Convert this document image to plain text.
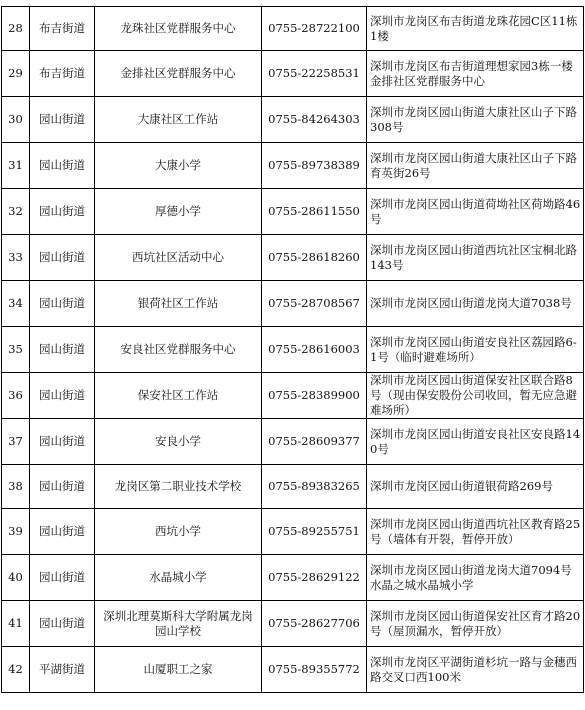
28	布吉街道	龙珠社区党群服务中心	0755-28722100	深圳市龙岗区布吉街道龙珠花园C区11栋1楼

29	布吉街道	金排社区党群服务中心	0755-22258531	深圳市龙岗区布吉街道理想家园3栋一楼金排社区党群服务中心

30	园山街道	大康社区工作站	0755-84264303	深圳市龙岗区园山街道大康社区山子下路308号

31	园山街道	大康小学	0755-89738389	深圳市龙岗区园山街道大康社区山子下路育英街26号

32	园山街道	厚德小学	0755-28611550	深圳市龙岗区园山街道荷坳社区荷坳路46号

33	园山街道	西坑社区活动中心	0755-28618260	深圳市龙岗区园山街道西坑社区宝桐北路143号

34	园山街道	银荷社区工作站	0755-28708567	深圳市龙岗区园山街道龙岗大道7038号

35	园山街道	安良社区党群服务中心	0755-28616003	深圳市龙岗区园山街道安良社区荔园路6-1号（临时避难场所）

36	园山街道	保安社区工作站	0755-28389900	深圳市龙岗区园山街道保安社区联合路8号（现由保安股份公司收回，暂无应急避难场所）

37	园山街道	安良小学	0755-28609377	深圳市龙岗区园山街道安良社区安良路140号

38	园山街道	龙岗区第二职业技术学校	0755-89383265	深圳市龙岗区园山街道银荷路269号

39	园山街道	西坑小学	0755-89255751	深圳市龙岗区园山街道西坑社区教育路25号（墙体有开裂，暂停开放）

40	园山街道	水晶城小学	0755-28629122	深圳市龙岗区园山街道龙岗大道7094号水晶之城水晶城小学

41	园山街道	深圳北理莫斯科大学附属龙岗园山学校	0755-28627706	深圳市龙岗区园山街道保安社区育才路20号（屋顶漏水，暂停开放）

42	平湖街道	山厦职工之家	0755-89355772	深圳市龙岗区平湖街道杉坑一路与金穗西路交叉口西100米
